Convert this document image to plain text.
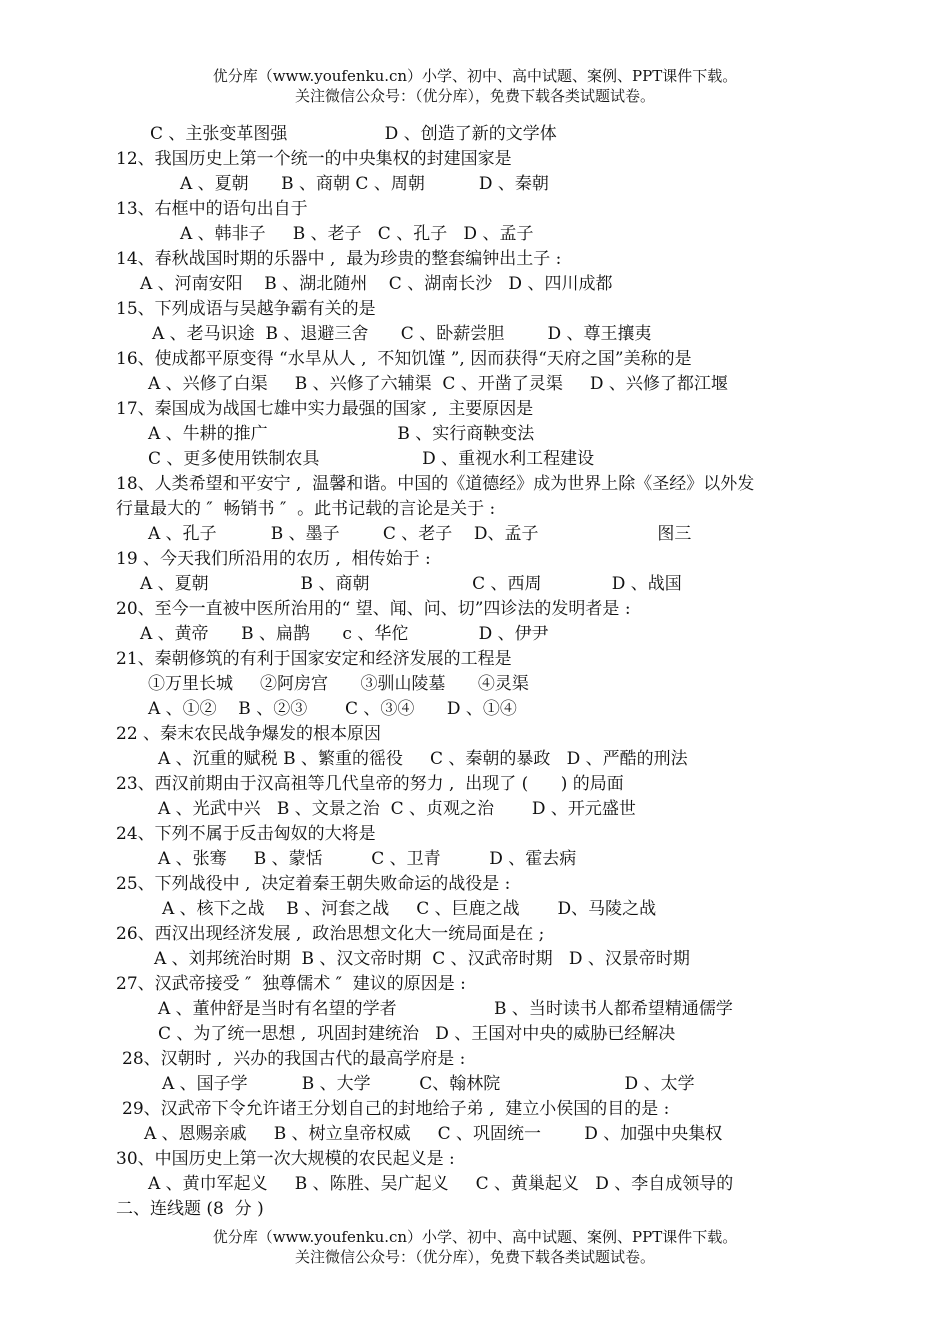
优分库（www.youfenku.cn）小学、初中、高中试题、案例、PPT课件下载。
关注微信公众号：（优分库），免费下载各类试题试卷。
C 、主张变革图强                  D 、创造了新的文学体
12、我国历史上第一个统一的中央集权的封建国家是
A 、夏朝      B 、商朝 C 、周朝          D 、秦朝
13、右框中的语句出自于
A 、韩非子     B 、老子   C 、孔子   D 、孟子
14、春秋战国时期的乐器中 ,  最为珍贵的整套编钟出土子 :
A 、河南安阳    B 、湖北随州    C 、湖南长沙   D 、四川成都
15、下列成语与吴越争霸有关的是
A 、老马识途  B 、退避三舍      C 、卧薪尝胆        D 、尊王攘夷
16、使成都平原变得 “水旱从人 ,  不知饥馑 ”, 因而获得“天府之国”美称的是
A 、兴修了白渠     B 、兴修了六辅渠  C 、开凿了灵渠     D 、兴修了都江堰
17、秦国成为战国七雄中实力最强的国家 ,  主要原因是
A 、牛耕的推广                        B 、实行商鞅变法
C 、更多使用铁制农具                   D 、重视水利工程建设
18、人类希望和平安宁 ,  温馨和谐。中国的《道德经》成为世界上除《圣经》以外发
行量最大的 ″  畅销书 ″  。此书记载的言论是关于 :
A 、孔子          B 、墨子        C 、老子    D、孟子                      图三
19 、今天我们所沿用的农历 ,  相传始于 :
A 、夏朝                 B 、商朝                   C 、西周             D 、战国
20、至今一直被中医所治用的“ 望、闻、问、切”四诊法的发明者是 :
A 、黄帝      B 、扁鹊      c 、华佗             D 、伊尹
21、秦朝修筑的有利于国家安定和经济发展的工程是
①万里长城     ②阿房宫      ③驯山陵墓      ④灵渠
A 、①②    B 、②③       C 、③④      D 、①④
22 、秦末农民战争爆发的根本原因
A 、沉重的赋税 B 、繁重的徭役     C 、秦朝的暴政   D 、严酷的刑法
23、西汉前期由于汉高祖等几代皇帝的努力 ,  出现了 (      ) 的局面
A 、光武中兴   B 、文景之治  C 、贞观之治       D 、开元盛世
24、下列不属于反击匈奴的大将是
A 、张骞     B 、蒙恬         C 、卫青         D 、霍去病
25、下列战役中 ,  决定着秦王朝失败命运的战役是 :
A 、核下之战    B 、河套之战     C 、巨鹿之战       D、马陵之战
26、西汉出现经济发展 ,  政治思想文化大一统局面是在 ;
A 、刘邦统治时期  B 、汉文帝时期  C 、汉武帝时期   D 、汉景帝时期
27、汉武帝接受 ″  独尊儒术 ″  建议的原因是 :
A 、董仲舒是当时有名望的学者                  B 、当时读书人都希望精通儒学
C 、为了统一思想 ,  巩固封建统治   D 、王国对中央的威胁已经解决
28、汉朝时 ,  兴办的我国古代的最高学府是 :
A 、国子学          B 、大学         C、翰林院                       D 、太学
29、汉武帝下令允许诸王分划自己的封地给子弟 ,  建立小侯国的目的是 :
A 、恩赐亲戚     B 、树立皇帝权威     C 、巩固统一        D 、加强中央集权
30、中国历史上第一次大规模的农民起义是 :
A 、黄巾军起义     B 、陈胜、吴广起义     C 、黄巢起义   D 、李自成领导的
二、连线题 (8  分 )
优分库（www.youfenku.cn）小学、初中、高中试题、案例、PPT课件下载。
关注微信公众号：（优分库），免费下载各类试题试卷。
